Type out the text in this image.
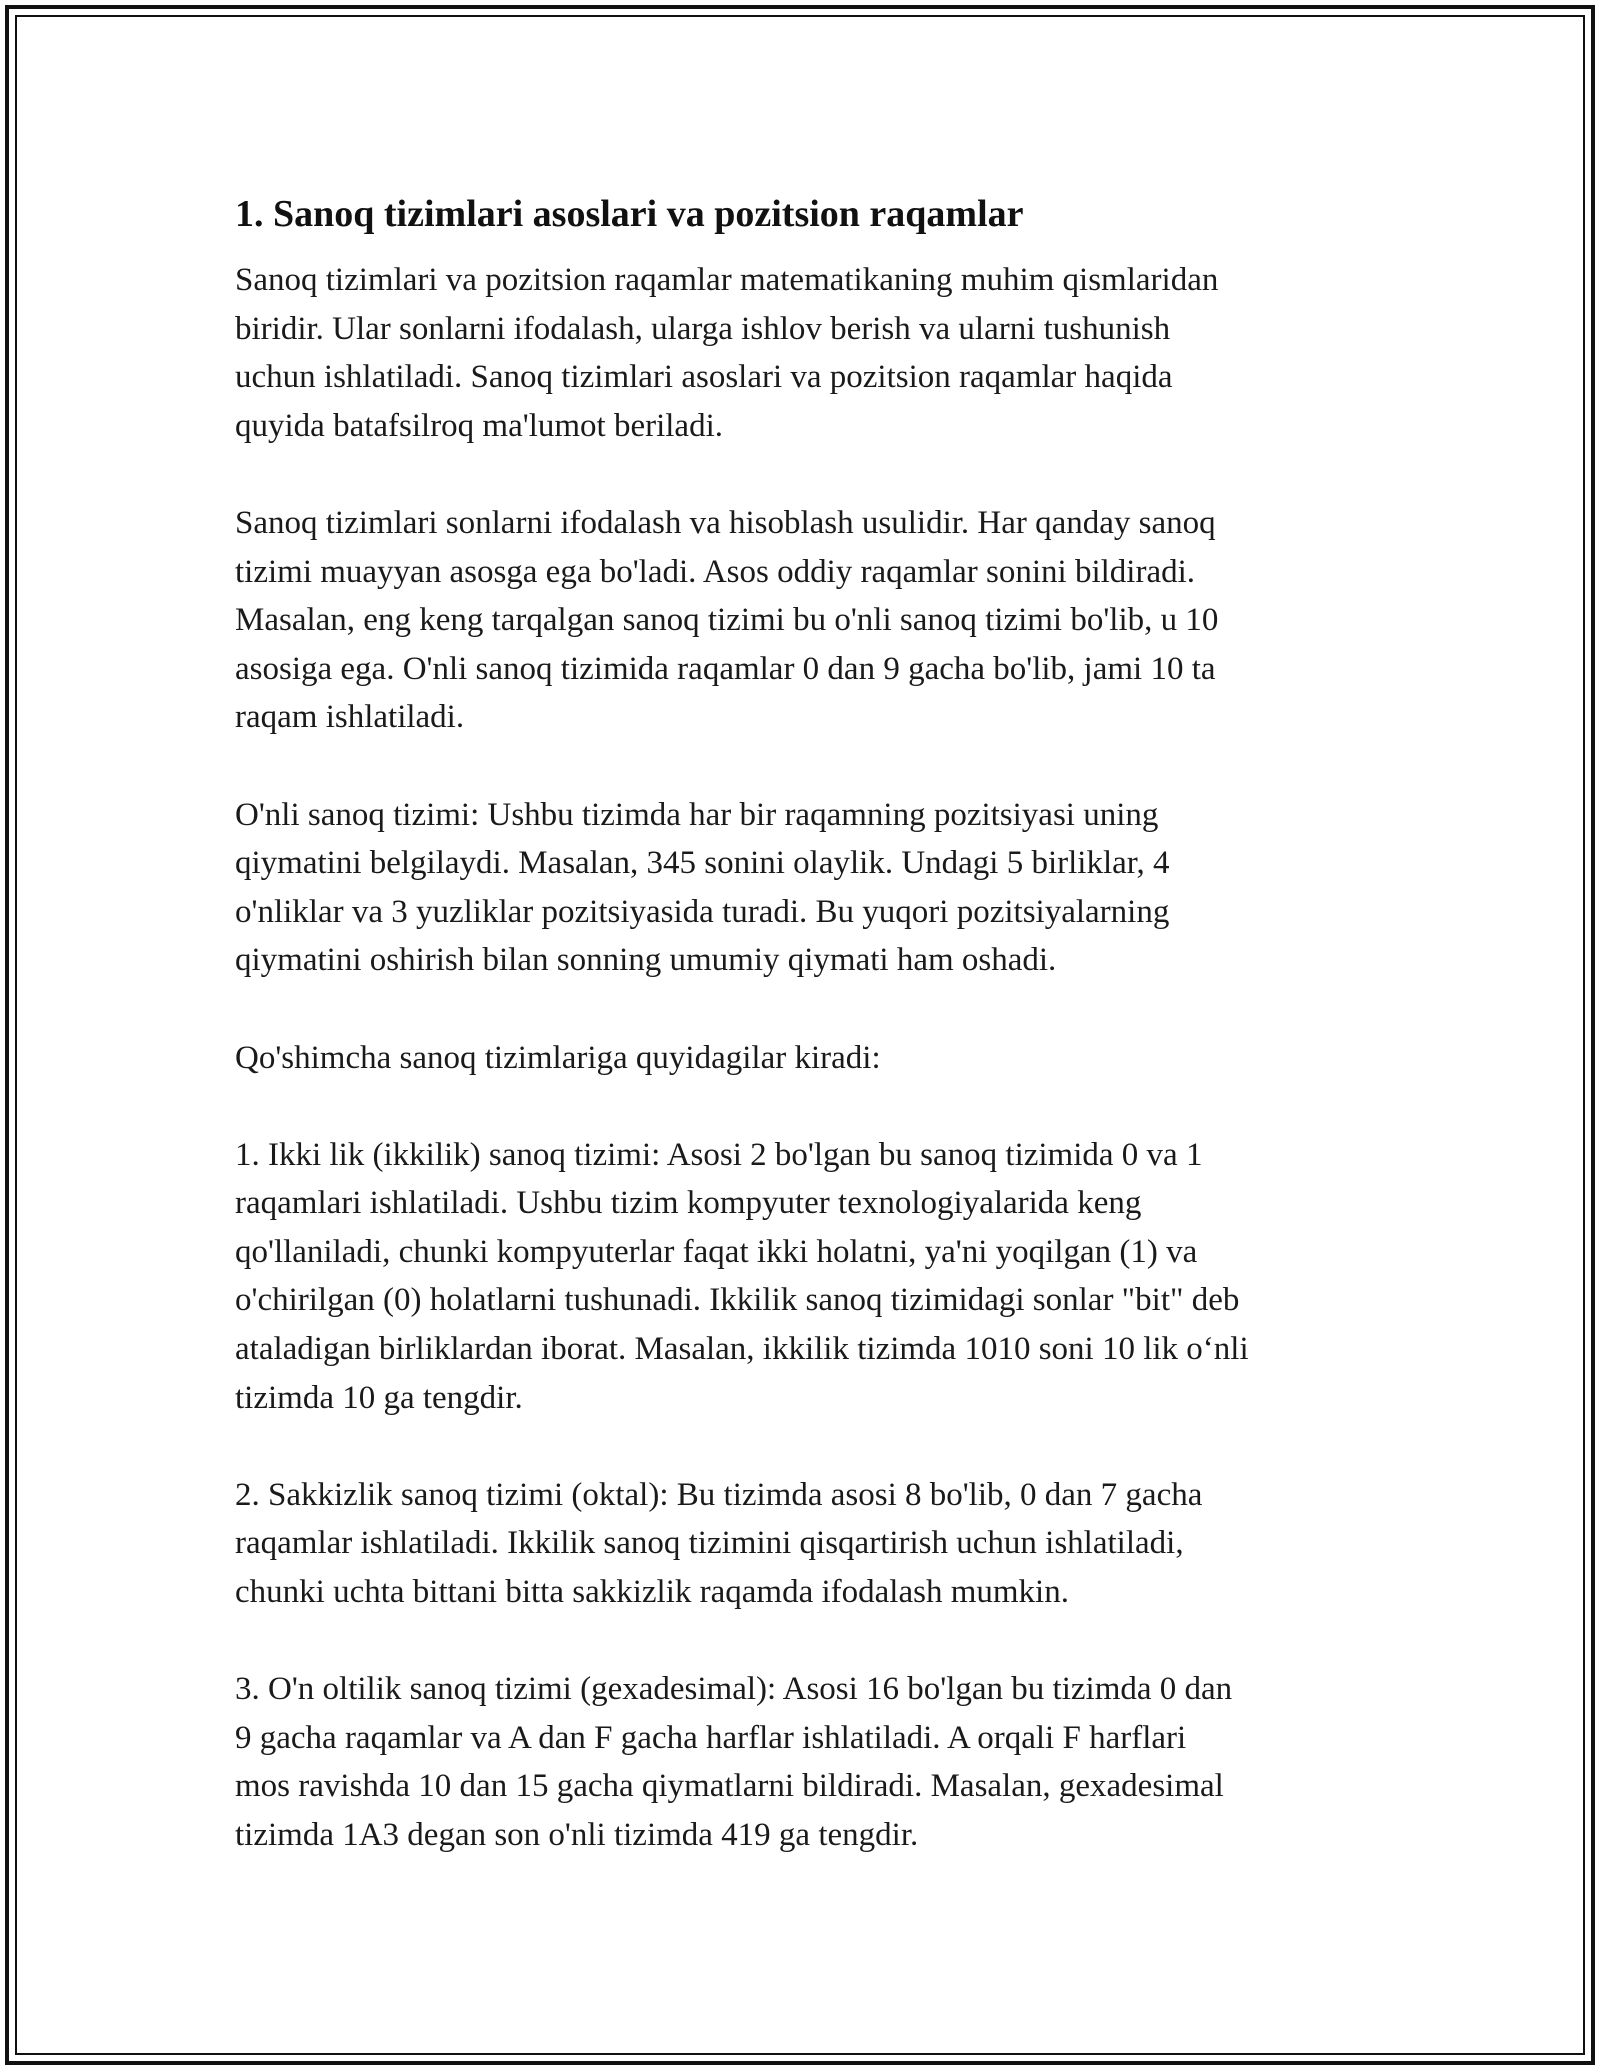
1. Sanoq tizimlari asoslari va pozitsion raqamlar
Sanoq tizimlari va pozitsion raqamlar matematikaning muhim qismlaridan
biridir. Ular sonlarni ifodalash, ularga ishlov berish va ularni tushunish
uchun ishlatiladi. Sanoq tizimlari asoslari va pozitsion raqamlar haqida
quyida batafsilroq ma'lumot beriladi.

Sanoq tizimlari sonlarni ifodalash va hisoblash usulidir. Har qanday sanoq
tizimi muayyan asosga ega bo'ladi. Asos oddiy raqamlar sonini bildiradi.
Masalan, eng keng tarqalgan sanoq tizimi bu o'nli sanoq tizimi bo'lib, u 10
asosiga ega. O'nli sanoq tizimida raqamlar 0 dan 9 gacha bo'lib, jami 10 ta
raqam ishlatiladi.

O'nli sanoq tizimi: Ushbu tizimda har bir raqamning pozitsiyasi uning
qiymatini belgilaydi. Masalan, 345 sonini olaylik. Undagi 5 birliklar, 4
o'nliklar va 3 yuzliklar pozitsiyasida turadi. Bu yuqori pozitsiyalarning
qiymatini oshirish bilan sonning umumiy qiymati ham oshadi.

Qo'shimcha sanoq tizimlariga quyidagilar kiradi:

1. Ikki lik (ikkilik) sanoq tizimi: Asosi 2 bo'lgan bu sanoq tizimida 0 va 1
raqamlari ishlatiladi. Ushbu tizim kompyuter texnologiyalarida keng
qo'llaniladi, chunki kompyuterlar faqat ikki holatni, ya'ni yoqilgan (1) va
o'chirilgan (0) holatlarni tushunadi. Ikkilik sanoq tizimidagi sonlar "bit" deb
ataladigan birliklardan iborat. Masalan, ikkilik tizimda 1010 soni 10 lik o‘nli
tizimda 10 ga tengdir.

2. Sakkizlik sanoq tizimi (oktal): Bu tizimda asosi 8 bo'lib, 0 dan 7 gacha
raqamlar ishlatiladi. Ikkilik sanoq tizimini qisqartirish uchun ishlatiladi,
chunki uchta bittani bitta sakkizlik raqamda ifodalash mumkin.

3. O'n oltilik sanoq tizimi (gexadesimal): Asosi 16 bo'lgan bu tizimda 0 dan
9 gacha raqamlar va A dan F gacha harflar ishlatiladi. A orqali F harflari
mos ravishda 10 dan 15 gacha qiymatlarni bildiradi. Masalan, gexadesimal
tizimda 1A3 degan son o'nli tizimda 419 ga tengdir.
